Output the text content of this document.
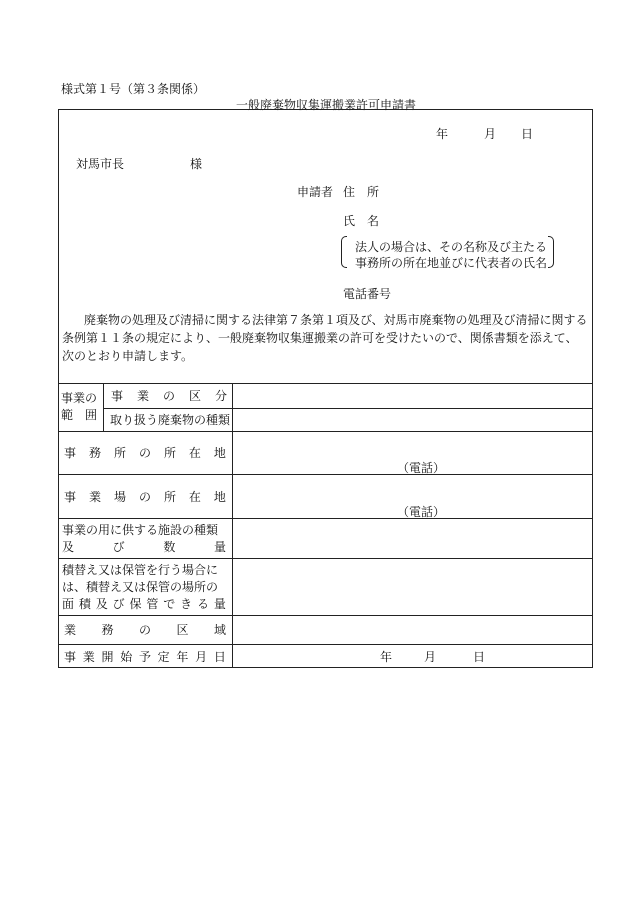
様式第１号（第３条関係）
一般廃棄物収集運搬業許可申請書
年	月 日
対馬市長	様
申請者 住　所
氏　名
法人の場合は、その名称及び主たる
事務所の所在地並びに代表者の氏名
電話番号
廃棄物の処理及び清掃に関する法律第７条第１項及び、対馬市廃棄物の処理及び清掃に関する
条例第１１条の規定により、一般廃棄物収集運搬業の許可を受けたいので、関係書類を添えて、
次のとおり申請します。
事業の
範　囲
事 業 の 区 分
取り扱う廃棄物の種類
事 務 所 の 所 在 地
（電話）
事 業 場 の 所 在 地
（電話）
事業の用に供する施設の種類
及	び	数	量
積替え又は保管を行う場合に
は、積替え又は保管の場所の
面 積 及 び 保 管 で き る 量
業 務 の 区 域
事 業 開 始 予 定 年 月 日	年	月	日
